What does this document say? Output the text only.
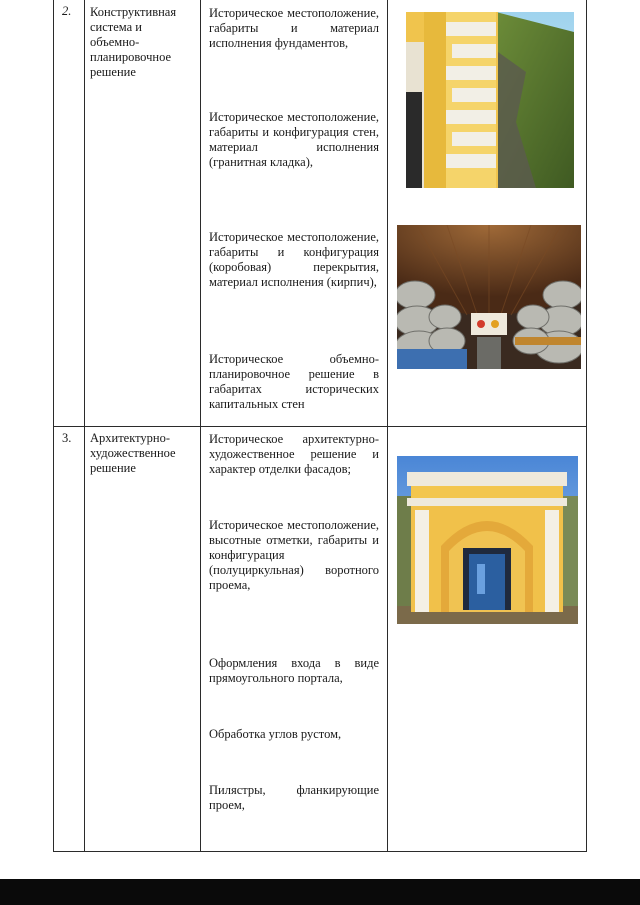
2. Конструктивная система и объемно-планировочное решение
Историческое местоположение, габариты и материал исполнения фундаментов,
Историческое местоположение, габариты и конфигурация стен, материал исполнения (гранитная кладка),
Историческое местоположение, габариты и конфигурация (коробовая) перекрытия, материал исполнения (кирпич),
Историческое объемно-планировочное решение в габаритах исторических капитальных стен
3. Архитектурно-художественное решение
Историческое архитектурно-художественное решение и характер отделки фасадов;
Историческое местоположение, высотные отметки, габариты и конфигурация (полуциркульная) воротного проема,
Оформления входа в виде прямоугольного портала,
Обработка углов рустом,
Пилястры, фланкирующие проем,
